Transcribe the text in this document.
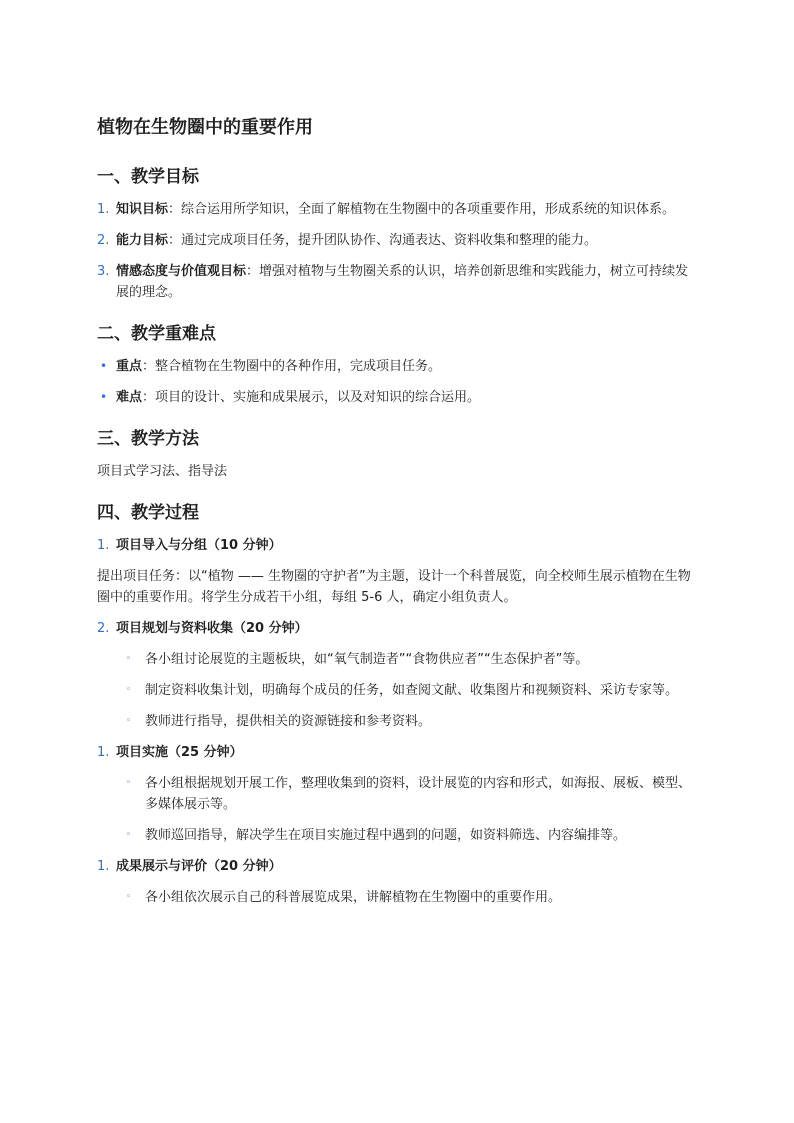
植物在生物圈中的重要作用
一、教学目标
1. 知识目标：综合运用所学知识，全面了解植物在生物圈中的各项重要作用，形成系统的知识体系。
2. 能力目标：通过完成项目任务，提升团队协作、沟通表达、资料收集和整理的能力。
3. 情感态度与价值观目标：增强对植物与生物圈关系的认识，培养创新思维和实践能力，树立可持续发展的理念。
二、教学重难点
• 重点：整合植物在生物圈中的各种作用，完成项目任务。
• 难点：项目的设计、实施和成果展示，以及对知识的综合运用。
三、教学方法
项目式学习法、指导法
四、教学过程
1. 项目导入与分组（10 分钟）
提出项目任务：以“植物 —— 生物圈的守护者”为主题，设计一个科普展览，向全校师生展示植物在生物圈中的重要作用。将学生分成若干小组，每组 5-6 人，确定小组负责人。
2. 项目规划与资料收集（20 分钟）
◦ 各小组讨论展览的主题板块，如“氧气制造者”“食物供应者”“生态保护者”等。
◦ 制定资料收集计划，明确每个成员的任务，如查阅文献、收集图片和视频资料、采访专家等。
◦ 教师进行指导，提供相关的资源链接和参考资料。
1. 项目实施（25 分钟）
◦ 各小组根据规划开展工作，整理收集到的资料，设计展览的内容和形式，如海报、展板、模型、多媒体展示等。
◦ 教师巡回指导，解决学生在项目实施过程中遇到的问题，如资料筛选、内容编排等。
1. 成果展示与评价（20 分钟）
◦ 各小组依次展示自己的科普展览成果，讲解植物在生物圈中的重要作用。
